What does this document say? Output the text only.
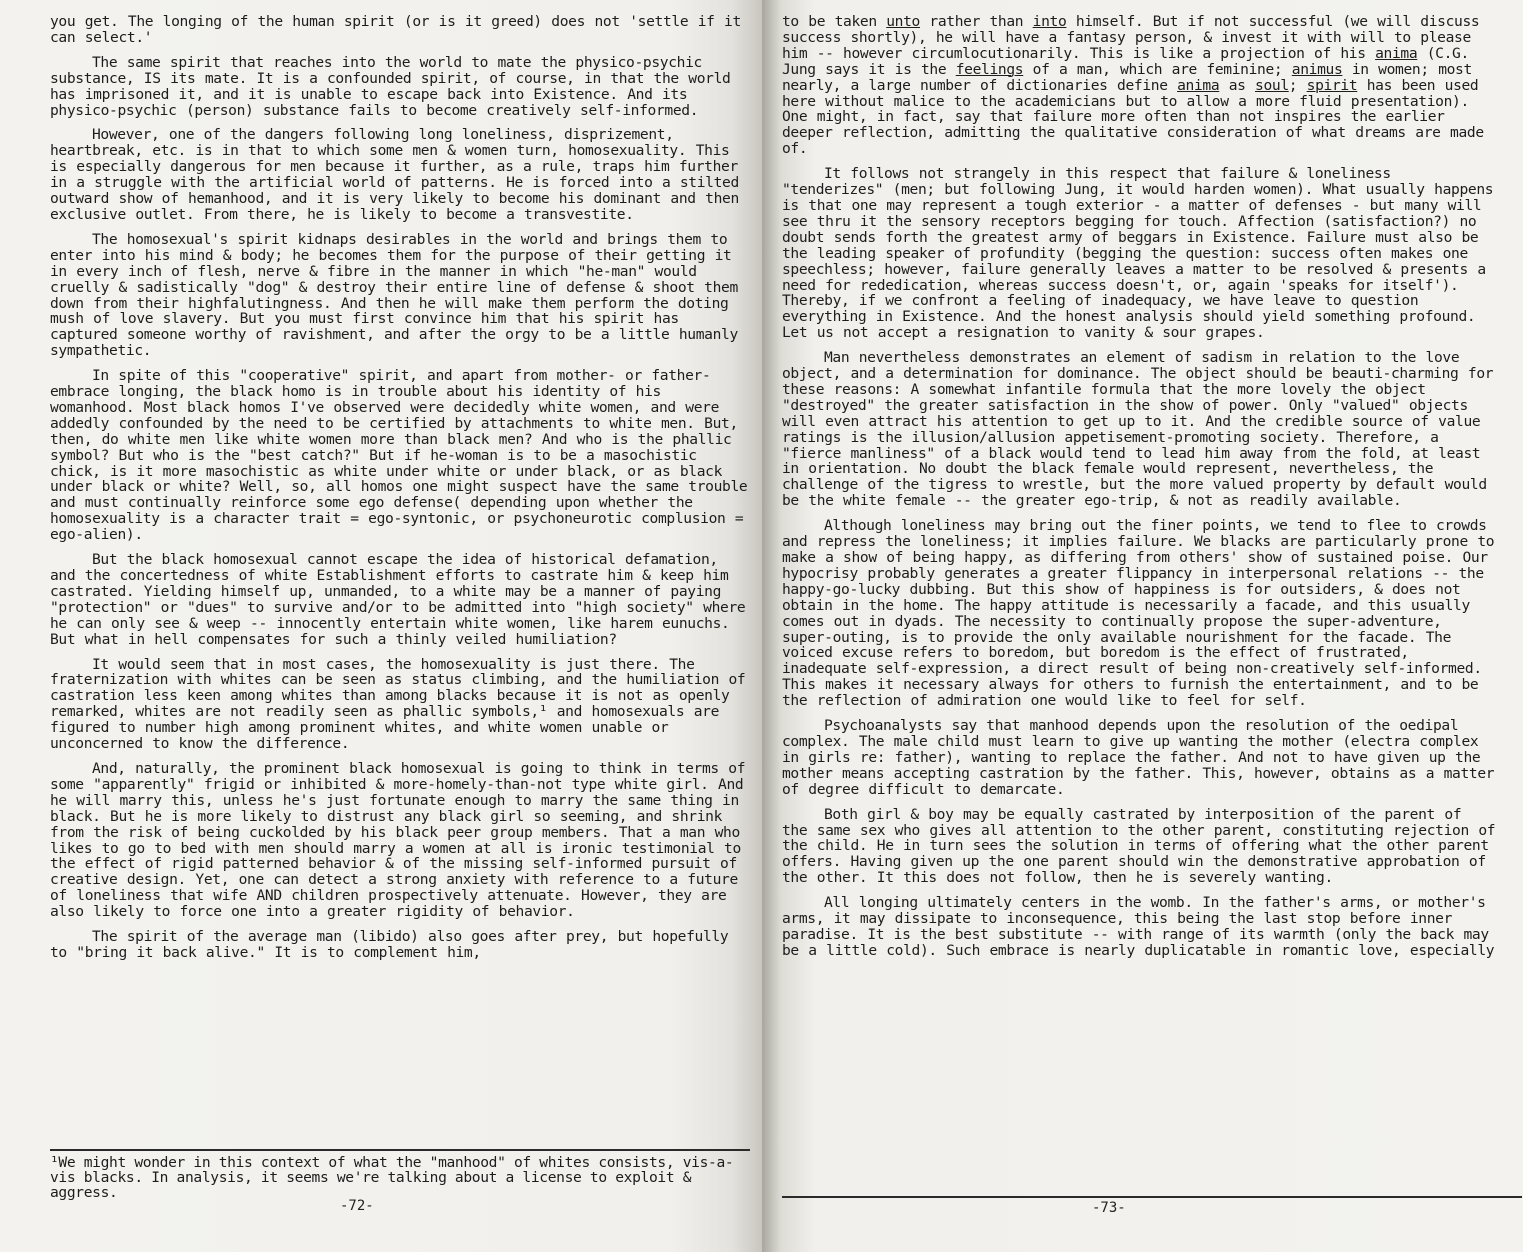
you get. The longing of the human spirit (or is it greed) does not 'settle if it can select.'

The same spirit that reaches into the world to mate the physico-psychic substance, IS its mate. It is a confounded spirit, of course, in that the world has imprisoned it, and it is unable to escape back into Existence. And its physico-psychic (person) substance fails to become creatively self-informed.

However, one of the dangers following long loneliness, disprizement, heartbreak, etc. is in that to which some men & women turn, homosexuality. This is especially dangerous for men because it further, as a rule, traps him further in a struggle with the artificial world of patterns. He is forced into a stilted outward show of hemanhood, and it is very likely to become his dominant and then exclusive outlet. From there, he is likely to become a transvestite.

The homosexual's spirit kidnaps desirables in the world and brings them to enter into his mind & body; he becomes them for the purpose of their getting it in every inch of flesh, nerve & fibre in the manner in which "he-man" would cruelly & sadistically "dog" & destroy their entire line of defense & shoot them down from their highfalutingness. And then he will make them perform the doting mush of love slavery. But you must first convince him that his spirit has captured someone worthy of ravishment, and after the orgy to be a little humanly sympathetic.

In spite of this "cooperative" spirit, and apart from mother- or father-embrace longing, the black homo is in trouble about his identity of his womanhood. Most black homos I've observed were decidedly white women, and were addedly confounded by the need to be certified by attachments to white men. But, then, do white men like white women more than black men? And who is the phallic symbol? But who is the "best catch?" But if he-woman is to be a masochistic chick, is it more masochistic as white under white or under black, or as black under black or white? Well, so, all homos one might suspect have the same trouble and must continually reinforce some ego defense( depending upon whether the homosexuality is a character trait = ego-syntonic, or psychoneurotic complusion = ego-alien).

But the black homosexual cannot escape the idea of historical defamation, and the concertedness of white Establishment efforts to castrate him & keep him castrated. Yielding himself up, unmanded, to a white may be a manner of paying "protection" or "dues" to survive and/or to be admitted into "high society" where he can only see & weep -- innocently entertain white women, like harem eunuchs. But what in hell compensates for such a thinly veiled humiliation?

It would seem that in most cases, the homosexuality is just there. The fraternization with whites can be seen as status climbing, and the humiliation of castration less keen among whites than among blacks because it is not as openly remarked, whites are not readily seen as phallic symbols,¹ and homosexuals are figured to number high among prominent whites, and white women unable or unconcerned to know the difference.

And, naturally, the prominent black homosexual is going to think in terms of some "apparently" frigid or inhibited & more-homely-than-not type white girl. And he will marry this, unless he's just fortunate enough to marry the same thing in black. But he is more likely to distrust any black girl so seeming, and shrink from the risk of being cuckolded by his black peer group members. That a man who likes to go to bed with men should marry a women at all is ironic testimonial to the effect of rigid patterned behavior & of the missing self-informed pursuit of creative design. Yet, one can detect a strong anxiety with reference to a future of loneliness that wife AND children prospectively attenuate. However, they are also likely to force one into a greater rigidity of behavior.

The spirit of the average man (libido) also goes after prey, but hopefully to "bring it back alive." It is to complement him,

¹We might wonder in this context of what the "manhood" of whites consists, vis-a-vis blacks. In analysis, it seems we're talking about a license to exploit & aggress.
-72-

to be taken unto rather than into himself. But if not successful (we will discuss success shortly), he will have a fantasy person, & invest it with will to please him -- however circumlocutionarily. This is like a projection of his anima (C.G. Jung says it is the feelings of a man, which are feminine; animus in women; most nearly, a large number of dictionaries define anima as soul; spirit has been used here without malice to the academicians but to allow a more fluid presentation). One might, in fact, say that failure more often than not inspires the earlier deeper reflection, admitting the qualitative consideration of what dreams are made of.

It follows not strangely in this respect that failure & loneliness "tenderizes" (men; but following Jung, it would harden women). What usually happens is that one may represent a tough exterior - a matter of defenses - but many will see thru it the sensory receptors begging for touch. Affection (satisfaction?) no doubt sends forth the greatest army of beggars in Existence. Failure must also be the leading speaker of profundity (begging the question: success often makes one speechless; however, failure generally leaves a matter to be resolved & presents a need for rededication, whereas success doesn't, or, again 'speaks for itself'). Thereby, if we confront a feeling of inadequacy, we have leave to question everything in Existence. And the honest analysis should yield something profound. Let us not accept a resignation to vanity & sour grapes.

Man nevertheless demonstrates an element of sadism in relation to the love object, and a determination for dominance. The object should be beauti-charming for these reasons: A somewhat infantile formula that the more lovely the object "destroyed" the greater satisfaction in the show of power. Only "valued" objects will even attract his attention to get up to it. And the credible source of value ratings is the illusion/allusion appetisement-promoting society. Therefore, a "fierce manliness" of a black would tend to lead him away from the fold, at least in orientation. No doubt the black female would represent, nevertheless, the challenge of the tigress to wrestle, but the more valued property by default would be the white female -- the greater ego-trip, & not as readily available.

Although loneliness may bring out the finer points, we tend to flee to crowds and repress the loneliness; it implies failure. We blacks are particularly prone to make a show of being happy, as differing from others' show of sustained poise. Our hypocrisy probably generates a greater flippancy in interpersonal relations -- the happy-go-lucky dubbing. But this show of happiness is for outsiders, & does not obtain in the home. The happy attitude is necessarily a facade, and this usually comes out in dyads. The necessity to continually propose the super-adventure, super-outing, is to provide the only available nourishment for the facade. The voiced excuse refers to boredom, but boredom is the effect of frustrated, inadequate self-expression, a direct result of being non-creatively self-informed. This makes it necessary always for others to furnish the entertainment, and to be the reflection of admiration one would like to feel for self.

Psychoanalysts say that manhood depends upon the resolution of the oedipal complex. The male child must learn to give up wanting the mother (electra complex in girls re: father), wanting to replace the father. And not to have given up the mother means accepting castration by the father. This, however, obtains as a matter of degree difficult to demarcate.

Both girl & boy may be equally castrated by interposition of the parent of the same sex who gives all attention to the other parent, constituting rejection of the child. He in turn sees the solution in terms of offering what the other parent offers. Having given up the one parent should win the demonstrative approbation of the other. It this does not follow, then he is severely wanting.

All longing ultimately centers in the womb. In the father's arms, or mother's arms, it may dissipate to inconsequence, this being the last stop before inner paradise. It is the best substitute -- with range of its warmth (only the back may be a little cold). Such embrace is nearly duplicatable in romantic love, especially

-73-
